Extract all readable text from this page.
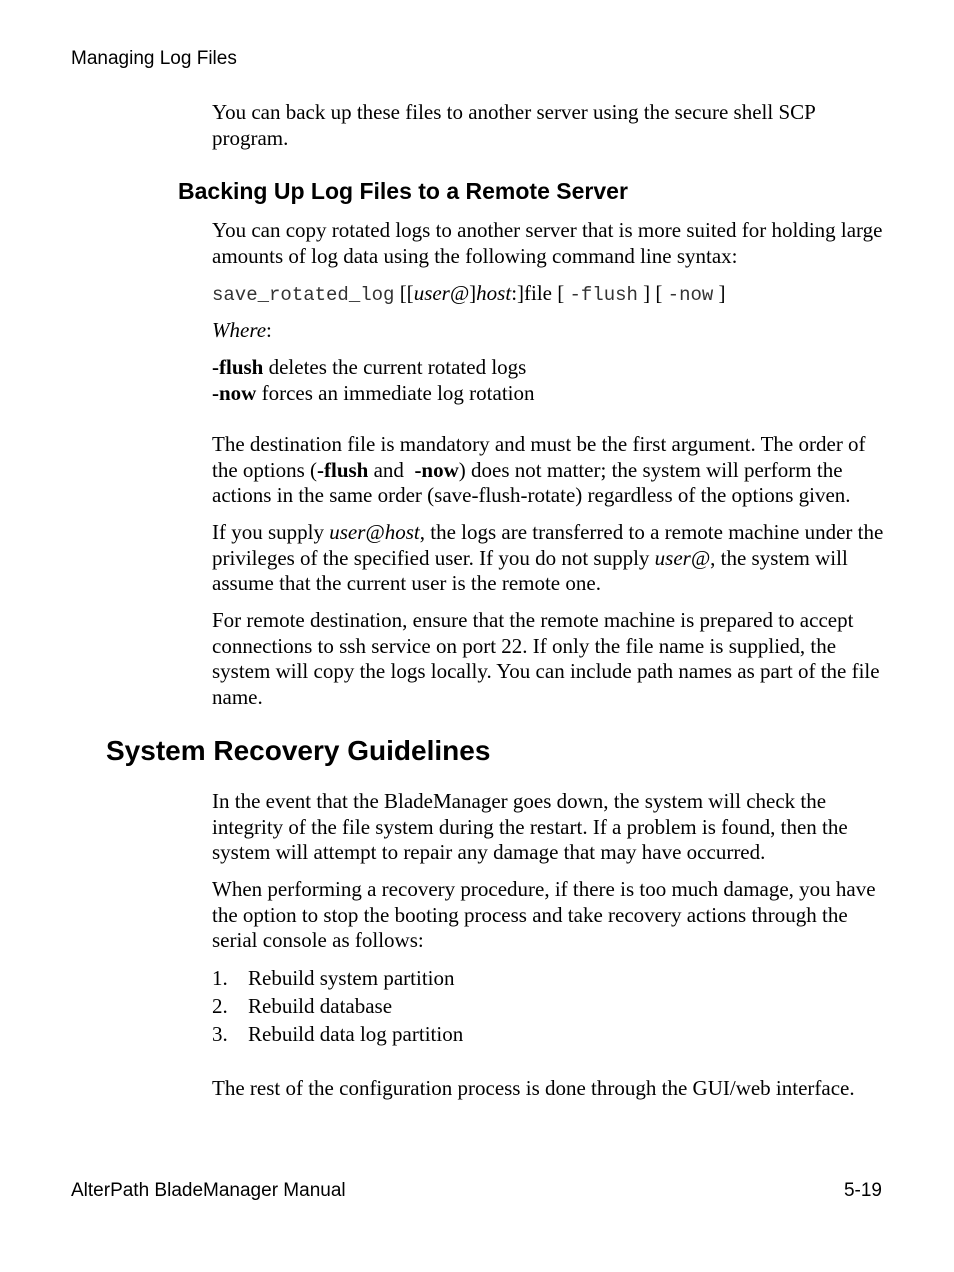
Managing Log Files

You can back up these files to another server using the secure shell SCP program.

Backing Up Log Files to a Remote Server

You can copy rotated logs to another server that is more suited for holding large amounts of log data using the following command line syntax:

save_rotated_log [[user@]host:]file [ -flush ] [ -now ]

Where:

-flush deletes the current rotated logs
-now forces an immediate log rotation

The destination file is mandatory and must be the first argument. The order of the options (-flush and  -now) does not matter; the system will perform the actions in the same order (save-flush-rotate) regardless of the options given.

If you supply user@host, the logs are transferred to a remote machine under the privileges of the specified user. If you do not supply user@, the system will assume that the current user is the remote one.

For remote destination, ensure that the remote machine is prepared to accept connections to ssh service on port 22. If only the file name is supplied, the system will copy the logs locally. You can include path names as part of the file name.

System Recovery Guidelines

In the event that the BladeManager goes down, the system will check the integrity of the file system during the restart. If a problem is found, then the system will attempt to repair any damage that may have occurred.

When performing a recovery procedure, if there is too much damage, you have the option to stop the booting process and take recovery actions through the serial console as follows:

1. Rebuild system partition
2. Rebuild database
3. Rebuild data log partition

The rest of the configuration process is done through the GUI/web interface.

AlterPath BladeManager Manual	5-19
